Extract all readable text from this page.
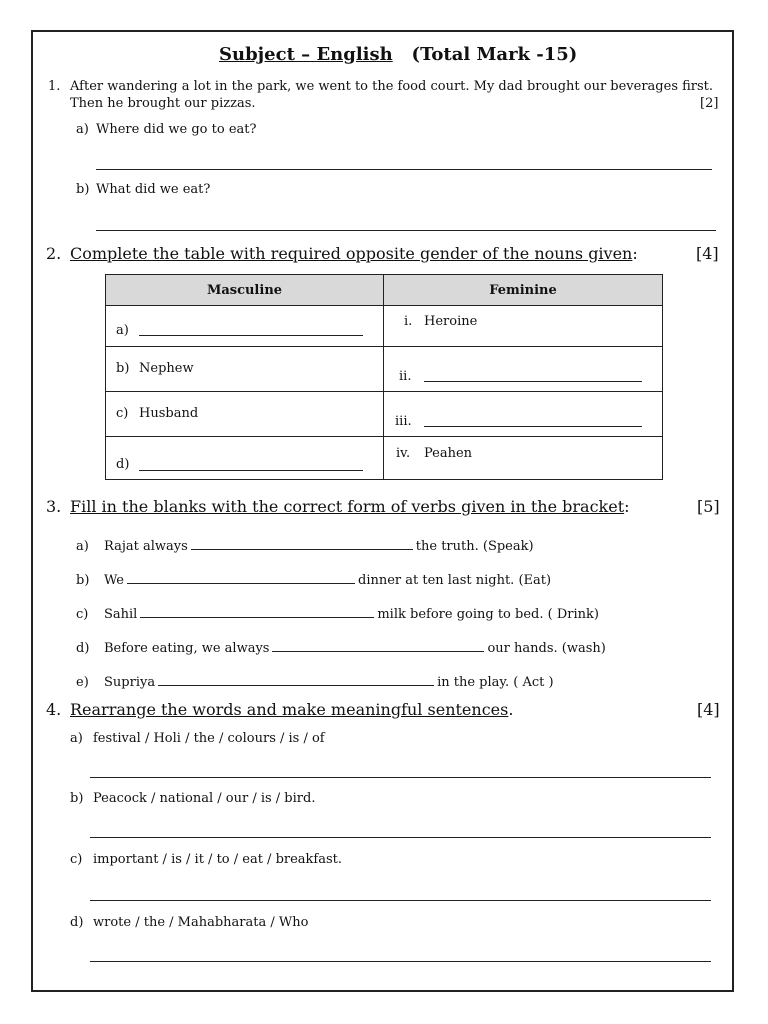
Subject – English (Total Mark -15)
1. After wandering a lot in the park, we went to the food court. My dad brought our beverages first.
Then he brought our pizzas.	[2]
a) Where did we go to eat?
b) What did we eat?
2. Complete the table with required opposite gender of the nouns given:	[4]
Masculine	Feminine

a)	i. Heroine

b) Nephew	ii.

c) Husband	iii.

d)	iv. Peahen
3. Fill in the blanks with the correct form of verbs given in the bracket:	[5]
a) Rajat always	the truth. (Speak)
b) We	dinner at ten last night. (Eat)
c) Sahil	milk before going to bed. ( Drink)
d) Before eating, we always	our hands. (wash)
e) Supriya	in the play. ( Act )
4. Rearrange the words and make meaningful sentences.	[4]
a) festival / Holi / the / colours / is / of
b) Peacock / national / our / is / bird.
c) important / is / it / to / eat / breakfast.
d) wrote / the / Mahabharata / Who
